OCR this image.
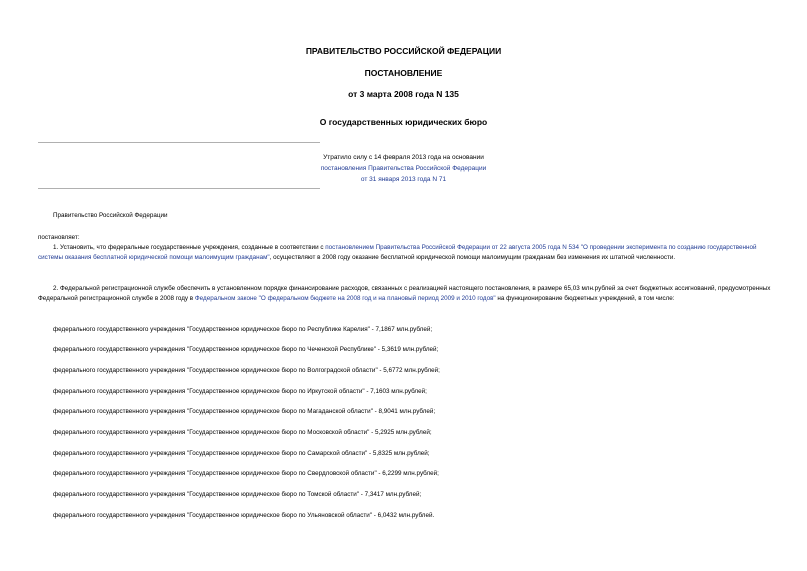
ПРАВИТЕЛЬСТВО РОССИЙСКОЙ ФЕДЕРАЦИИ
ПОСТАНОВЛЕНИЕ
от 3 марта 2008 года N 135
О государственных юридических бюро
Утратило силу с 14 февраля 2013 года на основании
постановления Правительства Российской Федерации
от 31 января 2013 года N 71
Правительство Российской Федерации
постановляет:
1. Установить, что федеральные государственные учреждения, созданные в соответствии с постановлением Правительства Российской Федерации от 22 августа 2005 года N 534 "О проведении эксперимента по созданию государственной системы оказания бесплатной юридической помощи малоимущим гражданам", осуществляют в 2008 году оказание бесплатной юридической помощи малоимущим гражданам без изменения их штатной численности.
2. Федеральной регистрационной службе обеспечить в установленном порядке финансирование расходов, связанных с реализацией настоящего постановления, в размере 65,03 млн.рублей за счет бюджетных ассигнований, предусмотренных Федеральной регистрационной службе в 2008 году в Федеральном законе "О федеральном бюджете на 2008 год и на плановый период 2009 и 2010 годов" на функционирование бюджетных учреждений, в том числе:
федерального государственного учреждения "Государственное юридическое бюро по Республике Карелия" - 7,1867 млн.рублей;
федерального государственного учреждения "Государственное юридическое бюро по Чеченской Республике" - 5,3619 млн.рублей;
федерального государственного учреждения "Государственное юридическое бюро по Волгоградской области" - 5,6772 млн.рублей;
федерального государственного учреждения "Государственное юридическое бюро по Иркутской области" - 7,1603 млн.рублей;
федерального государственного учреждения "Государственное юридическое бюро по Магаданской области" - 8,9041 млн.рублей;
федерального государственного учреждения "Государственное юридическое бюро по Московской области" - 5,2925 млн.рублей;
федерального государственного учреждения "Государственное юридическое бюро по Самарской области" - 5,8325 млн.рублей;
федерального государственного учреждения "Государственное юридическое бюро по Свердловской области" - 6,2299 млн.рублей;
федерального государственного учреждения "Государственное юридическое бюро по Томской области" - 7,3417 млн.рублей;
федерального государственного учреждения "Государственное юридическое бюро по Ульяновской области" - 6,0432 млн.рублей.
